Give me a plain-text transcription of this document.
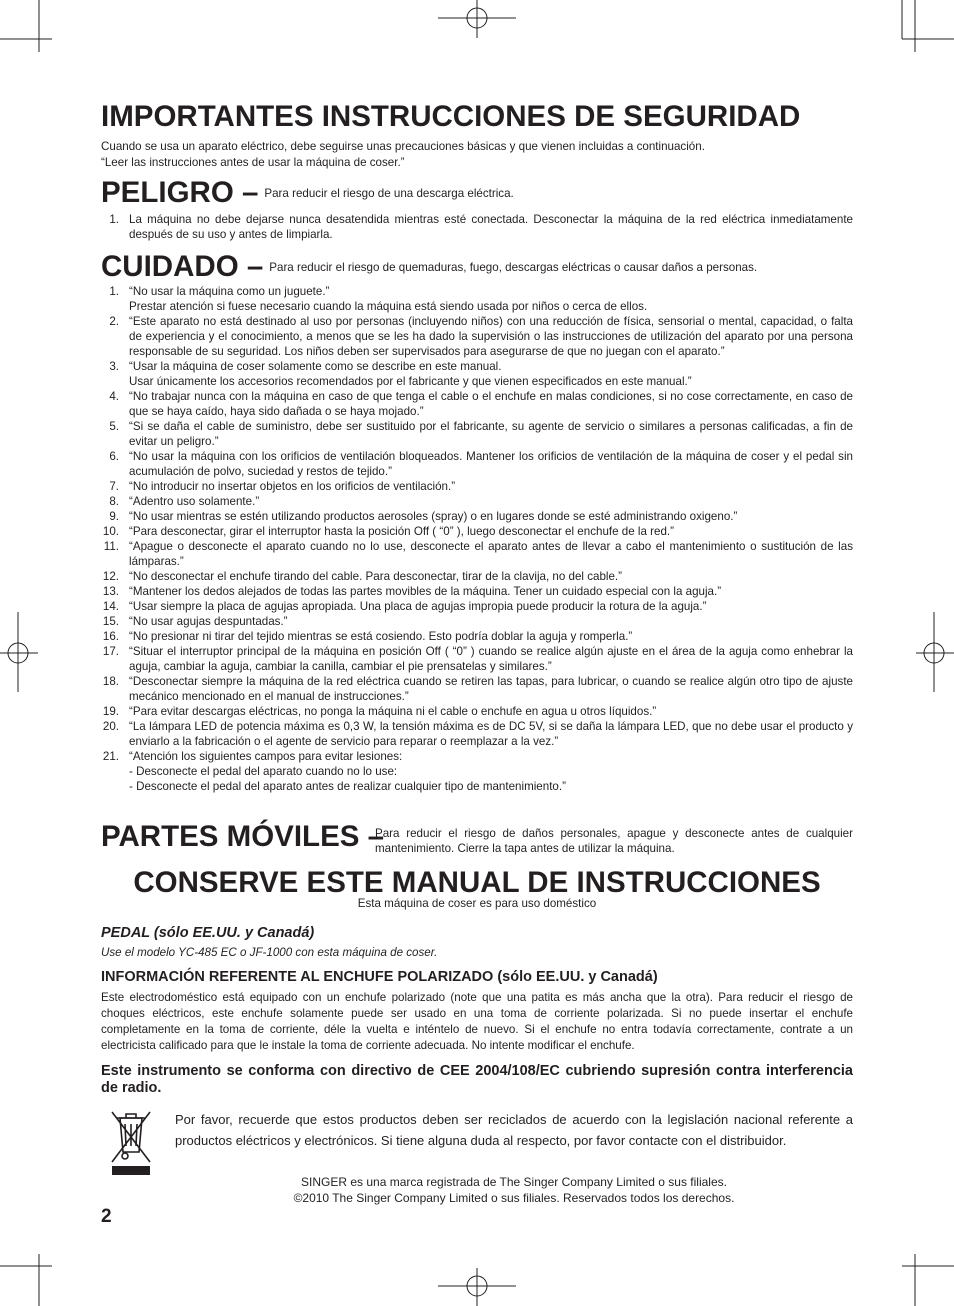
IMPORTANTES INSTRUCCIONES DE SEGURIDAD
Cuando se usa un aparato eléctrico, debe seguirse unas precauciones básicas y que vienen incluidas a continuación.
“Leer las instrucciones antes de usar la máquina de coser.”
PELIGRO – $^{Para reducir el riesgo de una descarga eléctrica.}$
1. La máquina no debe dejarse nunca desatendida mientras esté conectada. Desconectar la máquina de la red eléctrica inmediatamente después de su uso y antes de limpiarla.
CUIDADO – $^{Para reducir el riesgo de quemaduras, fuego, descargas eléctricas o causar daños a personas.}$
1. “No usar la máquina como un juguete.”
Prestar atención si fuese necesario cuando la máquina está siendo usada por niños o cerca de ellos.
2. “Este aparato no está destinado al uso por personas (incluyendo niños) con una reducción de física, sensorial o mental, capacidad, o falta de experiencia y el conocimiento, a menos que se les ha dado la supervisión o las instrucciones de utilización del aparato por una persona responsable de su seguridad. Los niños deben ser supervisados para asegurarse de que no juegan con el aparato.”
3. “Usar la máquina de coser solamente como se describe en este manual.
Usar únicamente los accesorios recomendados por el fabricante y que vienen especificados en este manual.”
4. “No trabajar nunca con la máquina en caso de que tenga el cable o el enchufe en malas condiciones, si no cose correctamente, en caso de que se haya caído, haya sido dañada o se haya mojado.”
5. “Si se daña el cable de suministro, debe ser sustituido por el fabricante, su agente de servicio o similares a personas calificadas, a fin de evitar un peligro.”
6. “No usar la máquina con los orificios de ventilación bloqueados. Mantener los orificios de ventilación de la máquina de coser y el pedal sin acumulación de polvo, suciedad y restos de tejido.”
7. “No introducir no insertar objetos en los orificios de ventilación.”
8. “Adentro uso solamente.”
9. “No usar mientras se estén utilizando productos aerosoles (spray) o en lugares donde se esté administrando oxigeno.”
10. “Para desconectar, girar el interruptor hasta la posición Off ( “0” ), luego desconectar el enchufe de la red.”
11. “Apague o desconecte el aparato cuando no lo use, desconecte el aparato antes de llevar a cabo el mantenimiento o sustitución de las lámparas.”
12. “No desconectar el enchufe tirando del cable. Para desconectar, tirar de la clavija, no del cable.”
13. “Mantener los dedos alejados de todas las partes movibles de la máquina. Tener un cuidado especial con la aguja.”
14. “Usar siempre la placa de agujas apropiada. Una placa de agujas impropia puede producir la rotura de la aguja.”
15. “No usar agujas despuntadas.”
16. “No presionar ni tirar del tejido mientras se está cosiendo. Esto podría doblar la aguja y romperla.”
17. “Situar el interruptor principal de la máquina en posición Off ( “0” ) cuando se realice algún ajuste en el área de la aguja como enhebrar la aguja, cambiar la aguja, cambiar la canilla, cambiar el pie prensatelas y similares.”
18. “Desconectar siempre la máquina de la red eléctrica cuando se retiren las tapas, para lubricar, o cuando se realice algún otro tipo de ajuste mecánico mencionado en el manual de instrucciones.”
19. “Para evitar descargas eléctricas, no ponga la máquina ni el cable o enchufe en agua u otros líquidos.”
20. “La lámpara LED de potencia máxima es 0,3 W, la tensión máxima es de DC 5V, si se daña la lámpara LED, que no debe usar el producto y enviarlo a la fabricación o el agente de servicio para reparar o reemplazar a la vez.”
21. “Atención los siguientes campos para evitar lesiones:
- Desconecte el pedal del aparato cuando no lo use:
- Desconecte el pedal del aparato antes de realizar cualquier tipo de mantenimiento.”
PARTES MÓVILES –
Para reducir el riesgo de daños personales, apague y desconecte antes de cualquier mantenimiento. Cierre la tapa antes de utilizar la máquina.
CONSERVE ESTE MANUAL DE INSTRUCCIONES
Esta máquina de coser es para uso doméstico
PEDAL (sólo EE.UU. y Canadá)
Use el modelo YC-485 EC o JF-1000 con esta máquina de coser.
INFORMACIÓN REFERENTE AL ENCHUFE POLARIZADO (sólo EE.UU. y Canadá)
Este electrodoméstico está equipado con un enchufe polarizado (note que una patita es más ancha que la otra). Para reducir el riesgo de choques eléctricos, este enchufe solamente puede ser usado en una toma de corriente polarizada. Si no puede insertar el enchufe completamente en la toma de corriente, déle la vuelta e inténtelo de nuevo. Si el enchufe no entra todavía correctamente, contrate a un electricista calificado para que le instale la toma de corriente adecuada. No intente modificar el enchufe.
Este instrumento se conforma con directivo de CEE 2004/108/EC cubriendo supresión contra interferencia de radio.
Por favor, recuerde que estos productos deben ser reciclados de acuerdo con la legislación nacional referente a productos eléctricos y electrónicos. Si tiene alguna duda al respecto, por favor contacte con el distribuidor.
SINGER es una marca registrada de The Singer Company Limited o sus filiales.
©2010 The Singer Company Limited o sus filiales. Reservados todos los derechos.
2
